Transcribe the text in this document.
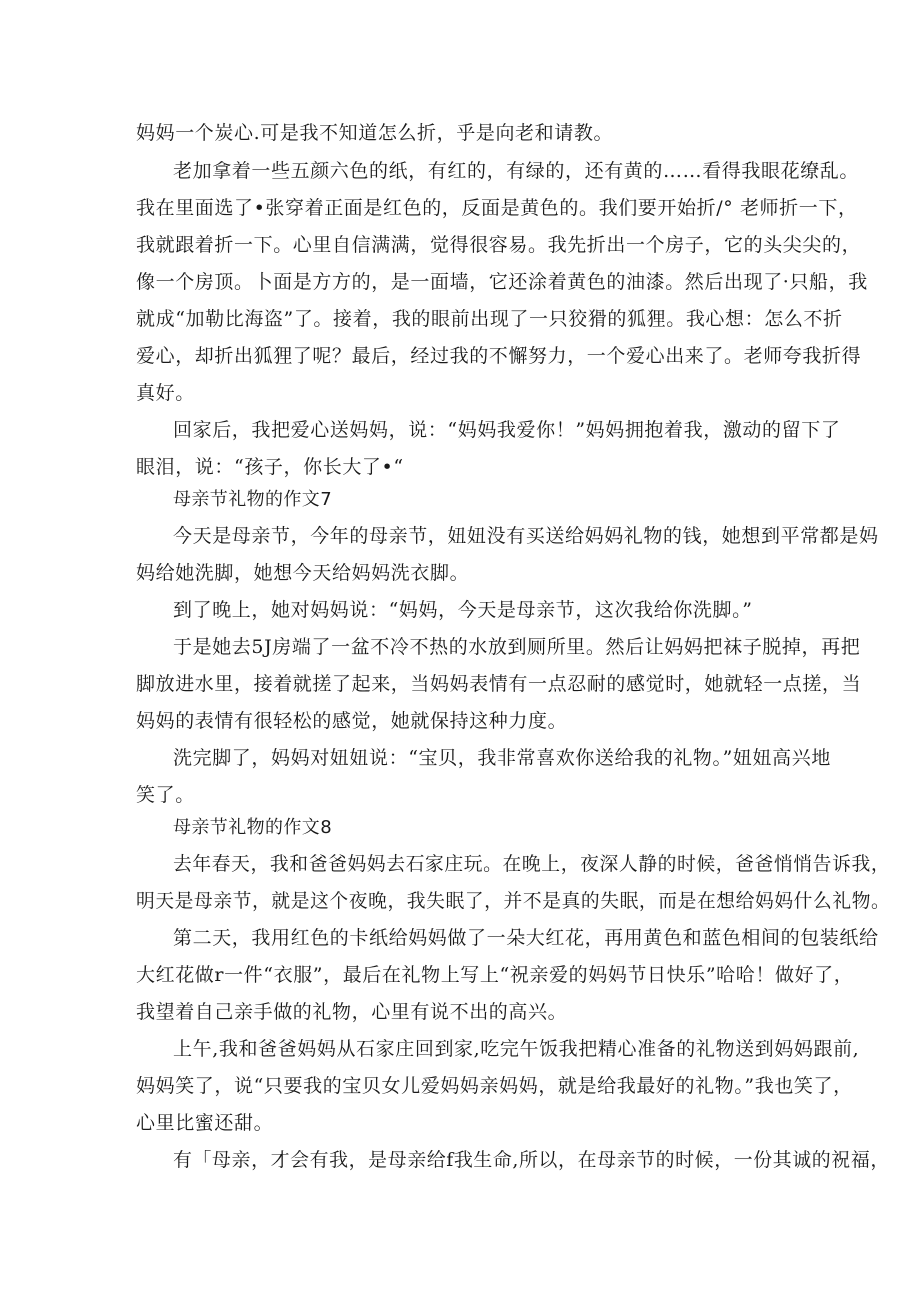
妈妈一个炭心.可是我不知道怎么折，乎是向老和请教。
老加拿着一些五颜六色的纸，有红的，有绿的，还有黄的……看得我眼花缭乱。
我在里面选了•张穿着正面是红色的，反面是黄色的。我们要开始折/° 老师折一下，
我就跟着折一下。心里自信满满，觉得很容易。我先折出一个房子，它的头尖尖的，
像一个房顶。卜面是方方的，是一面墙，它还涂着黄色的油漆。然后出现了·只船，我
就成“加勒比海盗”了。接着，我的眼前出现了一只狡猾的狐狸。我心想：怎么不折
爱心，却折出狐狸了呢？最后，经过我的不懈努力，一个爱心出来了。老师夸我折得
真好。
回家后，我把爱心送妈妈，说：“妈妈我爱你！”妈妈拥抱着我，激动的留下了
眼泪，说：“孩子，你长大了•“
母亲节礼物的作文7
今天是母亲节，今年的母亲节，妞妞没有买送给妈妈礼物的钱，她想到平常都是妈
妈给她洗脚，她想今天给妈妈洗衣脚。
到了晚上，她对妈妈说：“妈妈，今天是母亲节，这次我给你洗脚。”
于是她去5J房端了一盆不冷不热的水放到厕所里。然后让妈妈把袜子脱掉，再把
脚放进水里，接着就搓了起来，当妈妈表情有一点忍耐的感觉时，她就轻一点搓，当
妈妈的表情有很轻松的感觉，她就保持这种力度。
洗完脚了，妈妈对妞妞说：“宝贝，我非常喜欢你送给我的礼物。”妞妞高兴地
笑了。
母亲节礼物的作文8
去年春天，我和爸爸妈妈去石家庄玩。在晚上，夜深人静的时候，爸爸悄悄告诉我，
明天是母亲节，就是这个夜晚，我失眠了，并不是真的失眠，而是在想给妈妈什么礼物。
第二天，我用红色的卡纸给妈妈做了一朵大红花，再用黄色和蓝色相间的包装纸给
大红花做r一件“衣服”，最后在礼物上写上“祝亲爱的妈妈节日快乐”哈哈！做好了，
我望着自己亲手做的礼物，心里有说不出的高兴。
上午,我和爸爸妈妈从石家庄回到家,吃完午饭我把精心准备的礼物送到妈妈跟前,
妈妈笑了，说“只要我的宝贝女儿爱妈妈亲妈妈，就是给我最好的礼物。”我也笑了，
心里比蜜还甜。
有「母亲，才会有我，是母亲给f我生命,所以，在母亲节的时候，一份其诚的祝福，
